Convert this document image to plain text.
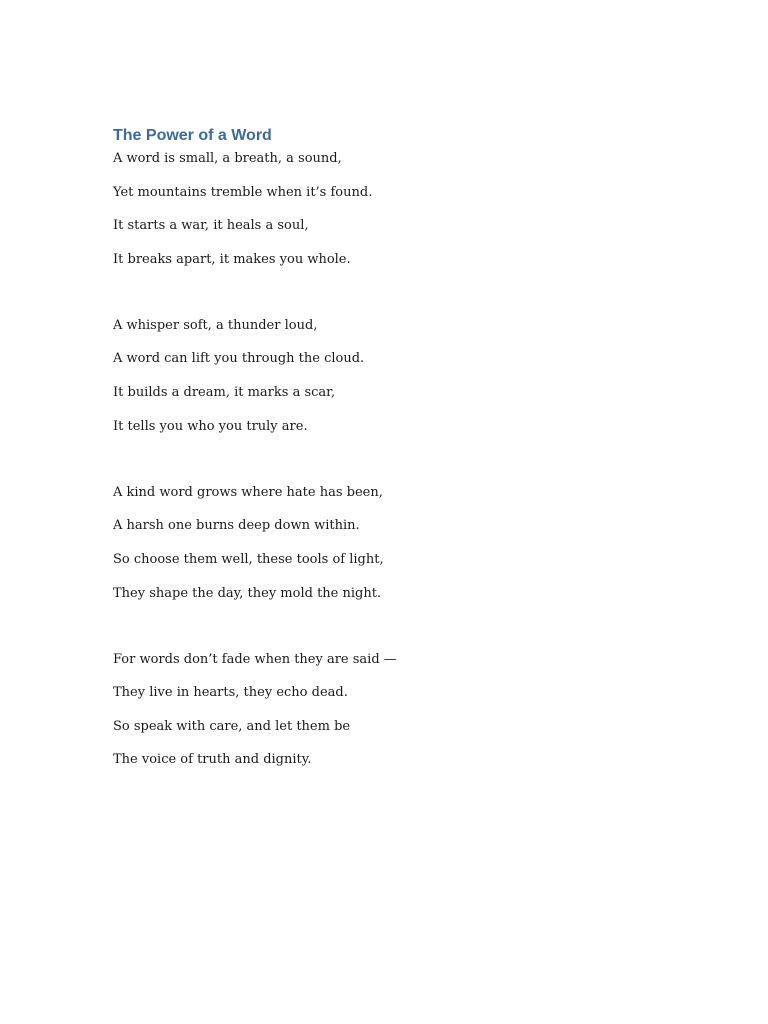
The Power of a Word

A word is small, a breath, a sound,

Yet mountains tremble when it’s found.

It starts a war, it heals a soul,

It breaks apart, it makes you whole.

A whisper soft, a thunder loud,

A word can lift you through the cloud.

It builds a dream, it marks a scar,

It tells you who you truly are.

A kind word grows where hate has been,

A harsh one burns deep down within.

So choose them well, these tools of light,

They shape the day, they mold the night.

For words don’t fade when they are said —

They live in hearts, they echo dead.

So speak with care, and let them be

The voice of truth and dignity.
